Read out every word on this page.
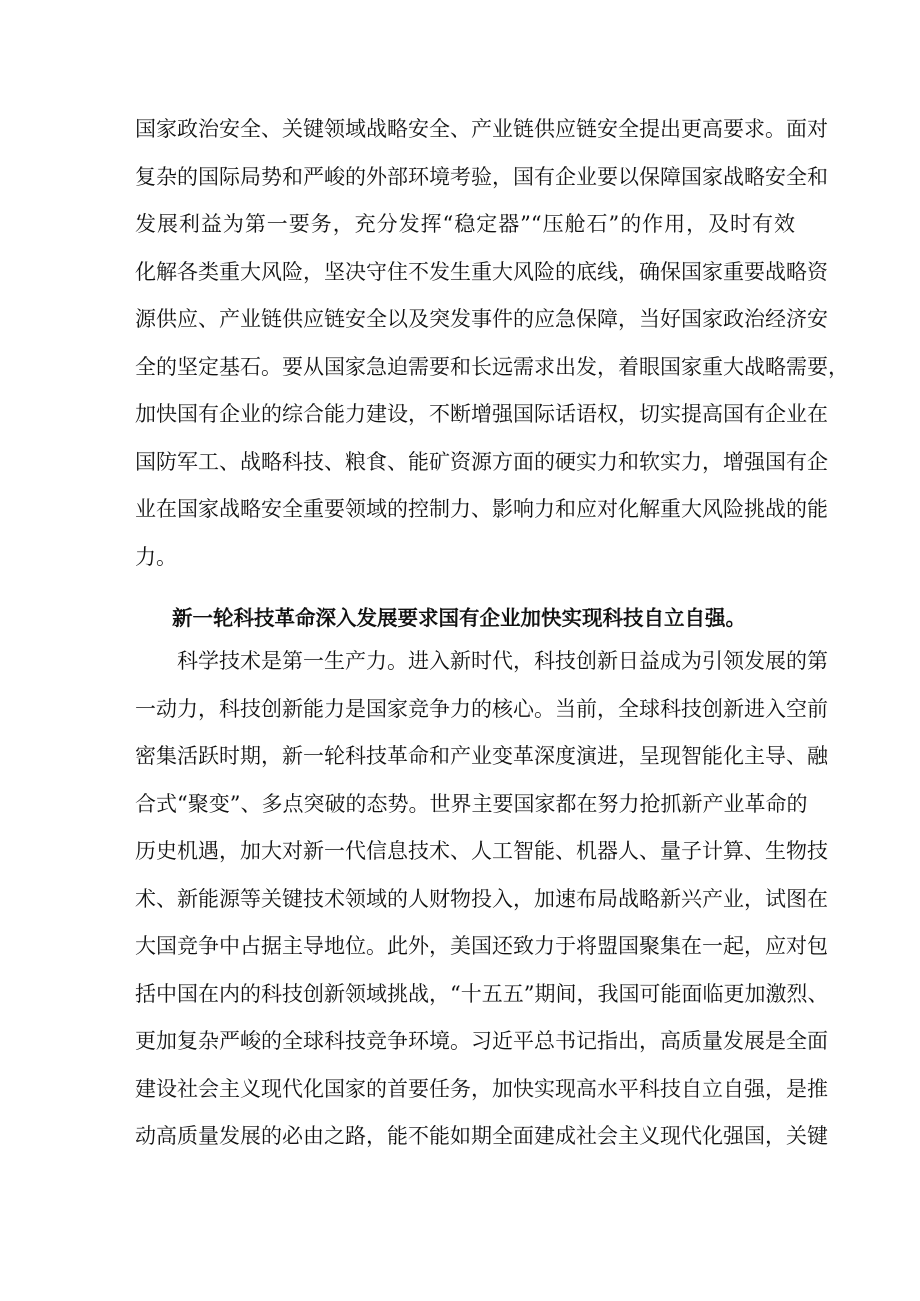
国家政治安全、关键领域战略安全、产业链供应链安全提出更高要求。面对
复杂的国际局势和严峻的外部环境考验，国有企业要以保障国家战略安全和
发展利益为第一要务，充分发挥“稳定器”“压舱石”的作用，及时有效
化解各类重大风险，坚决守住不发生重大风险的底线，确保国家重要战略资
源供应、产业链供应链安全以及突发事件的应急保障，当好国家政治经济安
全的坚定基石。要从国家急迫需要和长远需求出发，着眼国家重大战略需要，
加快国有企业的综合能力建设，不断增强国际话语权，切实提高国有企业在
国防军工、战略科技、粮食、能矿资源方面的硬实力和软实力，增强国有企
业在国家战略安全重要领域的控制力、影响力和应对化解重大风险挑战的能
力。
新一轮科技革命深入发展要求国有企业加快实现科技自立自强。
　　科学技术是第一生产力。进入新时代，科技创新日益成为引领发展的第
一动力，科技创新能力是国家竞争力的核心。当前，全球科技创新进入空前
密集活跃时期，新一轮科技革命和产业变革深度演进，呈现智能化主导、融
合式“聚变”、多点突破的态势。世界主要国家都在努力抢抓新产业革命的
历史机遇，加大对新一代信息技术、人工智能、机器人、量子计算、生物技
术、新能源等关键技术领域的人财物投入，加速布局战略新兴产业，试图在
大国竞争中占据主导地位。此外，美国还致力于将盟国聚集在一起，应对包
括中国在内的科技创新领域挑战，“十五五”期间，我国可能面临更加激烈、
更加复杂严峻的全球科技竞争环境。习近平总书记指出，高质量发展是全面
建设社会主义现代化国家的首要任务，加快实现高水平科技自立自强，是推
动高质量发展的必由之路，能不能如期全面建成社会主义现代化强国，关键
